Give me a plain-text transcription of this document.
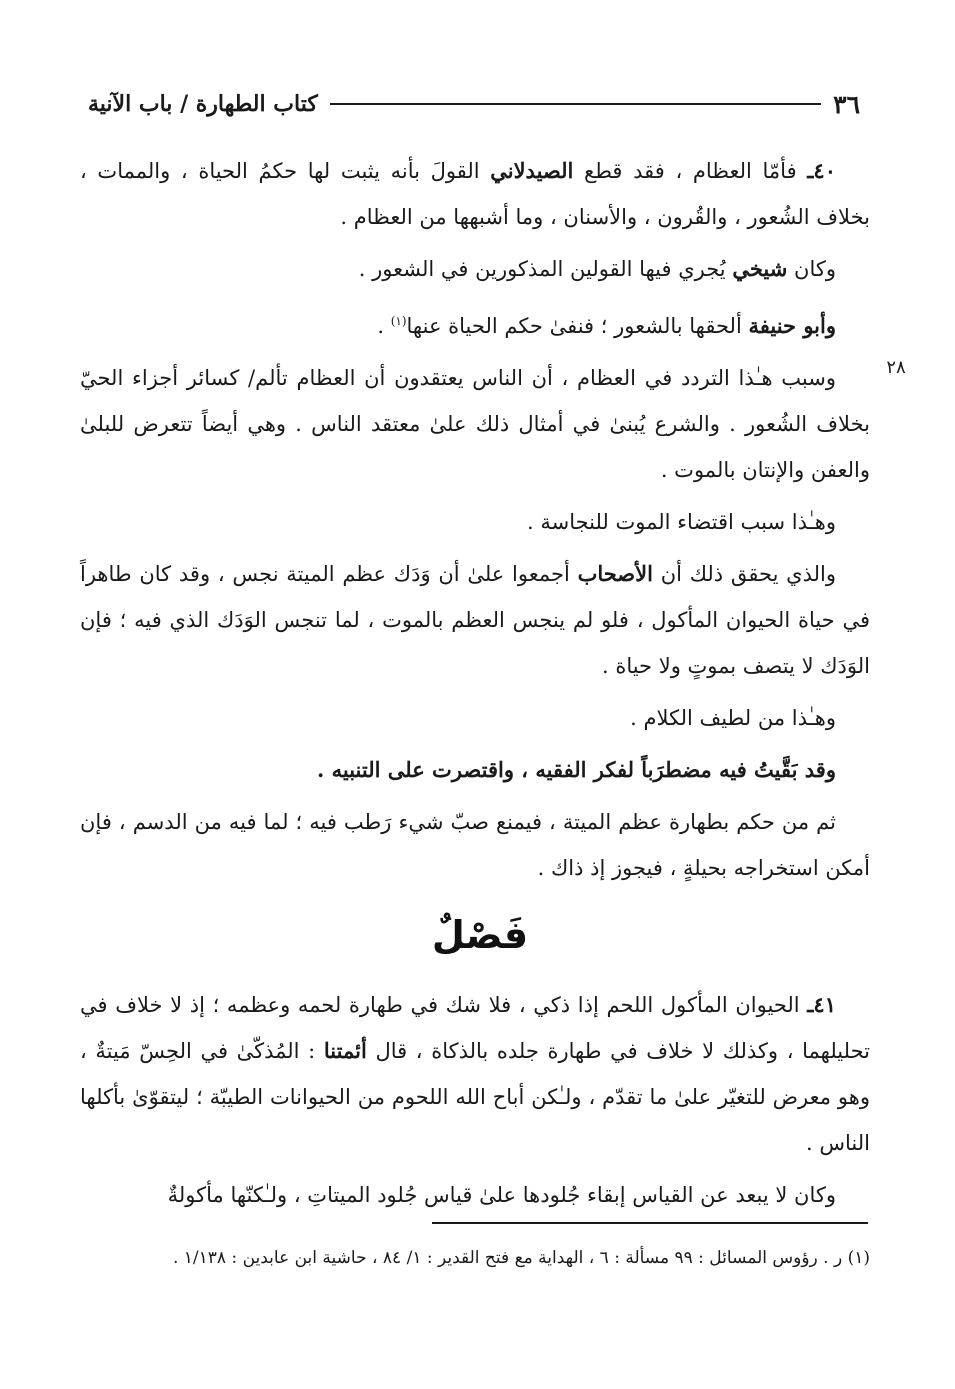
٣٦
كتاب الطهارة / باب الآنية
٢٨

٤٠ـ فأمّا العظام ، فقد قطع الصيدلاني القولَ بأنه يثبت لها حكمُ الحياة ، والممات ، بخلاف الشُعور ، والقُرون ، والأسنان ، وما أشبهها من العظام .

وكان شيخي يُجري فيها القولين المذكورين في الشعور .

وأبو حنيفة ألحقها بالشعور ؛ فنفىٰ حكم الحياة عنها$^{(١)}$ .

وسبب هـٰذا التردد في العظام ، أن الناس يعتقدون أن العظام تألم/ كسائر أجزاء الحيّ بخلاف الشُعور . والشرع يُبنىٰ في أمثال ذلك علىٰ معتقد الناس . وهي أيضاً تتعرض للبلىٰ والعفن والإنتان بالموت .

وهـٰذا سبب اقتضاء الموت للنجاسة .

والذي يحقق ذلك أن الأصحاب أجمعوا علىٰ أن وَدَك عظم الميتة نجس ، وقد كان طاهراً في حياة الحيوان المأكول ، فلو لم ينجس العظم بالموت ، لما تنجس الوَدَك الذي فيه ؛ فإن الوَدَك لا يتصف بموتٍ ولا حياة .

وهـٰذا من لطيف الكلام .

وقد بَقَّيتُ فيه مضطرَباً لفكر الفقيه ، واقتصرت على التنبيه .

ثم من حكم بطهارة عظم الميتة ، فيمنع صبّ شيء رَطب فيه ؛ لما فيه من الدسم ، فإن أمكن استخراجه بحيلةٍ ، فيجوز إذ ذاك .

فَصْلٌ

٤١ـ الحيوان المأكول اللحم إذا ذكي ، فلا شك في طهارة لحمه وعظمه ؛ إذ لا خلاف في تحليلهما ، وكذلك لا خلاف في طهارة جلده بالذكاة ، قال أئمتنا : المُذكّىٰ في الحِسّ مَيتةٌ ، وهو معرض للتغيّر علىٰ ما تقدّم ، ولـٰكن أباح الله اللحوم من الحيوانات الطيبّة ؛ ليتقوّىٰ بأكلها الناس .

وكان لا يبعد عن القياس إبقاء جُلودها علىٰ قياس جُلود الميتاتِ ، ولـٰكنّها مأكولةٌ

(١) ر . رؤوس المسائل : ٩٩ مسألة : ٦ ، الهداية مع فتح القدير : ١/ ٨٤ ، حاشية ابن عابدين : ١/١٣٨ .
